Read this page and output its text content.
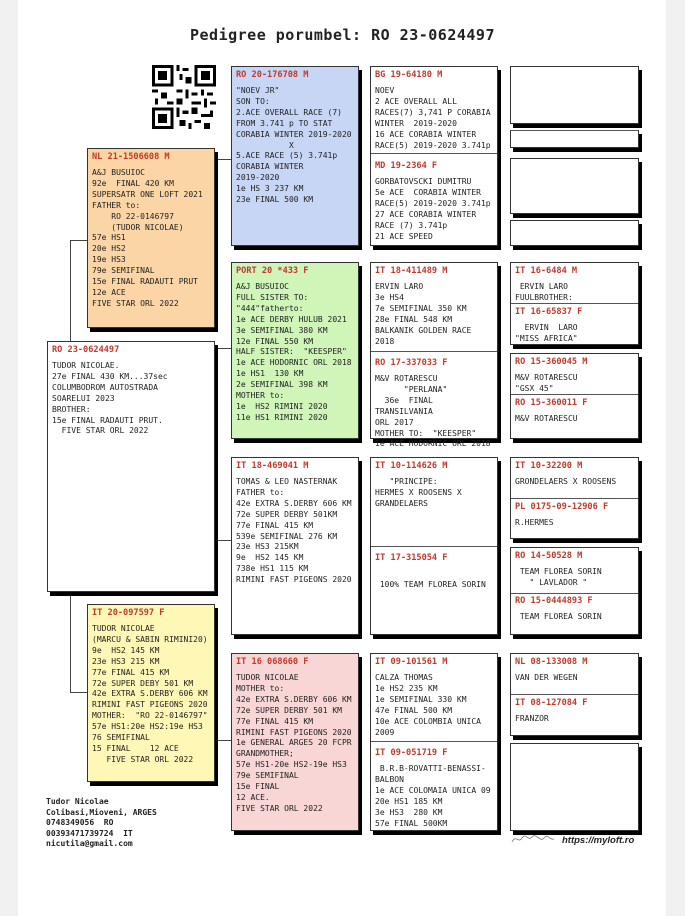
Pedigree porumbel: RO 23-0624497
RO 23-0624497
TUDOR NICOLAE.
27e FINAL 430 KM...37sec
COLUMBODROM AUTOSTRADA
SOARELUI 2023
BROTHER:
15e FINAL RADAUTI PRUT.
FIVE STAR ORL 2022
NL 21-1506608 M
A&J BUSUIOC
92e  FINAL 420 KM
SUPERSATR ONE LOFT 2021
FATHER to:
RO 22-0146797
(TUDOR NICOLAE)
57e HS1
20e HS2
19e HS3
79e SEMIFINAL
15e FINAL RADAUTI PRUT
12e ACE
FIVE STAR ORL 2022
IT 20-097597 F
TUDOR NICOLAE
(MARCU & SABIN RIMINI20)
9e  HS2 145 KM
23e HS3 215 KM
77e FINAL 415 KM
72e SUPER DEBY 501 KM
42e EXTRA S.DERBY 606 KM
RIMINI FAST PIGEONS 2020
MOTHER:  "RO 22-0146797"
57e HS1:20e HS2:19e HS3
76 SEMIFINAL
15 FINAL    12 ACE
FIVE STAR ORL 2022
RO 20-176708 M
"NOEV JR"
SON TO:
2.ACE OVERALL RACE (7)
FROM 3.741 p TO STAT
CORABIA WINTER 2019-2020
X
5.ACE RACE (5) 3.741p
CORABIA WINTER
2019-2020
1e HS 3 237 KM
23e FINAL 500 KM
PORT 20 *433 F
A&J BUSUIOC
FULL SISTER TO:
"444"fatherto:
1e ACE DERBY HULUB 2021
3e SEMIFINAL 380 KM
12e FINAL 550 KM
HALF SISTER:  "KEESPER"
1e ACE HODORNIC ORL 2018
1e HS1  130 KM
2e SEMIFINAL 398 KM
MOTHER to:
1e  HS2 RIMINI 2020
11e HS1 RIMINI 2020
IT 18-469041 M
TOMAS & LEO NASTERNAK
FATHER to:
42e EXTRA S.DERBY 606 KM
72e SUPER DERBY 501KM
77e FINAL 415 KM
539e SEMIFINAL 276 KM
23e HS3 215KM
9e  HS2 145 KM
738e HS1 115 KM
RIMINI FAST PIGEONS 2020
IT 16 068660 F
TUDOR NICOLAE
MOTHER to:
42e EXTRA S.DERBY 606 KM
72e SUPER DERBY 501 KM
77e FINAL 415 KM
RIMINI FAST PIGEONS 2020
1e GENERAL ARGES 20 FCPR
GRANDMOTHER;
57e HS1-20e HS2-19e HS3
79e SEMIFINAL
15e FINAL
12 ACE.
FIVE STAR ORL 2022
BG 19-64180 M
NOEV
2 ACE OVERALL ALL
RACES(7) 3,741 P CORABIA
WINTER  2019-2020
16 ACE CORABIA WINTER
RACE(5) 2019-2020 3.741p
MD 19-2364 F
GORBATOVSCKI DUMITRU
5e ACE  CORABIA WINTER
RACE(5) 2019-2020 3.741p
27 ACE CORABIA WINTER
RACE (7) 3.741p
21 ACE SPEED
IT 18-411489 M
ERVIN LARO
3e HS4
7e SEMIFINAL 350 KM
28e FINAL 548 KM
BALKANIK GOLDEN RACE
2018
RO 17-337033 F
M&V ROTARESCU
"PERLANA"
36e  FINAL TRANSILVANIA
ORL 2017
MOTHER TO:  "KEESPER"
1e ACE HODORNIC ORL 2018
IT 10-114626 M
"PRINCIPE:
HERMES X ROOSENS X
GRANDELAERS
IT 17-315054 F

100% TEAM FLOREA SORIN
IT 09-101561 M
CALZA THOMAS
1e HS2 235 KM
1e SEMIFINAL 330 KM
47e FINAL 500 KM
10e ACE COLOMBIA UNICA
2009
IT 09-051719 F
B.R.B-ROVATTI-BENASSI-
BALBON
1e ACE COLOMAIA UNICA 09
20e HS1 185 KM
3e HS3  280 KM
57e FINAL 500KM
IT 16-6484 M
ERVIN LARO
FUULBROTHER:
IT 16-65837 F
ERVIN  LARO
"MISS AFRICA"
RO 15-360045 M
M&V ROTARESCU
"GSX 45"
RO 15-360011 F
M&V ROTARESCU
IT 10-32200 M
GRONDELAERS X ROOSENS
PL 0175-09-12906 F
R.HERMES
RO 14-50528 M
TEAM FLOREA SORIN
" LAVLADOR "
RO 15-0444893 F
TEAM FLOREA SORIN
NL 08-133008 M
VAN DER WEGEN
IT 08-127084 F
FRANZOR
Tudor Nicolae
Colibasi,Mioveni, ARGES
0748349056  RO
00393471739724  IT
nicutila@gmail.com	https://myloft.ro
